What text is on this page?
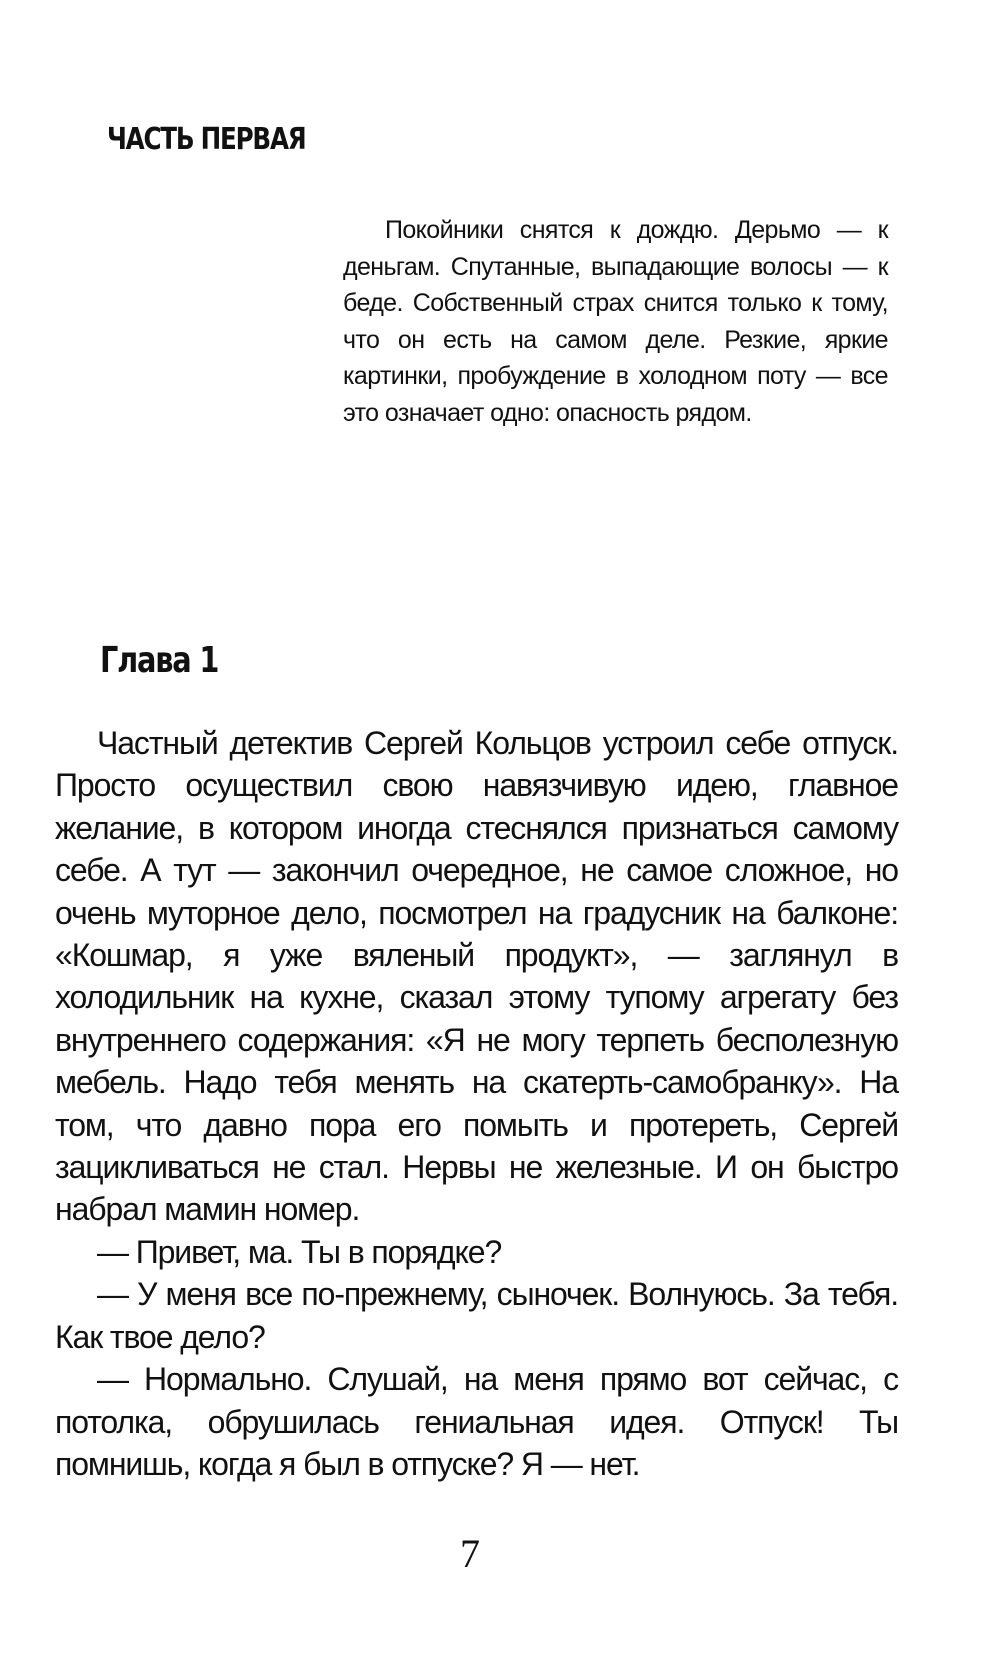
ЧАСТЬ ПЕРВАЯ

Покойники снятся к дождю. Дерьмо — к деньгам. Спутанные, выпадающие волосы — к беде. Собственный страх снится только к тому, что он есть на самом деле. Резкие, яркие картинки, пробуждение в холодном поту — все это означает одно: опасность рядом.

Глава 1

Частный детектив Сергей Кольцов устроил себе отпуск. Просто осуществил свою навязчивую идею, главное желание, в котором иногда стеснялся признаться самому себе. А тут — закончил очередное, не самое сложное, но очень муторное дело, посмотрел на градусник на балконе: «Кошмар, я уже вяленый продукт», — заглянул в холодильник на кухне, сказал этому тупому агрегату без внутреннего содержания: «Я не могу терпеть бесполезную мебель. Надо тебя менять на скатерть-самобранку». На том, что давно пора его помыть и протереть, Сергей зацикливаться не стал. Нервы не железные. И он быстро набрал мамин номер.

— Привет, ма. Ты в порядке?

— У меня все по-прежнему, сыночек. Волнуюсь. За тебя. Как твое дело?

— Нормально. Слушай, на меня прямо вот сейчас, с потолка, обрушилась гениальная идея. Отпуск! Ты помнишь, когда я был в отпуске? Я — нет.

7
